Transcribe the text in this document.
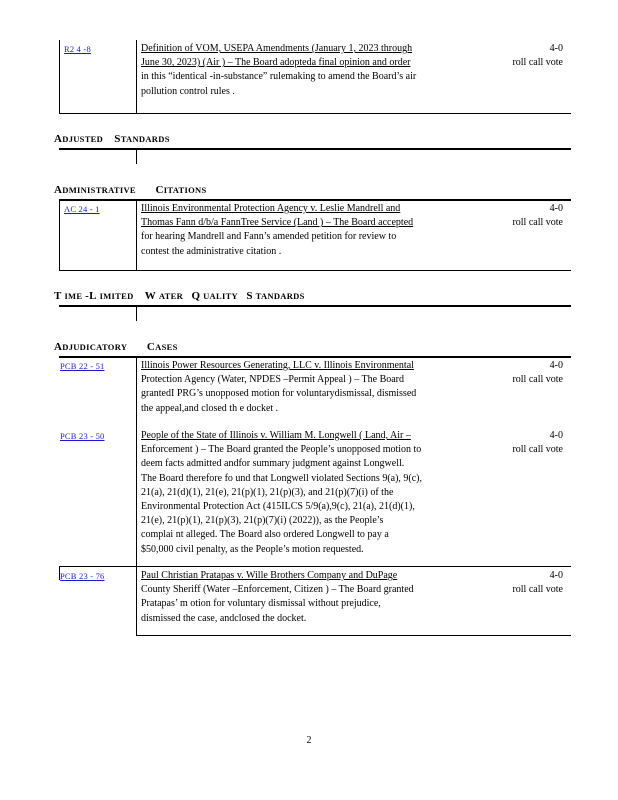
R2 4 -8	Definition of VOM, USEPA Amendments (January 1, 2023 through
June 30, 2023) (Air ) – The Board adopteda final opinion and order
in this “identical -in-substance” rulemaking to amend the Board’s air
pollution control rules .
4-0
roll call vote
ADJUSTED STANDARDS
ADMINISTRATIVE CITATIONS
AC 24 - 1	Illinois Environmental Protection Agency v. Leslie Mandrell and
Thomas Fann d/b/a FannTree Service (Land ) – The Board accepted
for hearing Mandrell and Fann’s amended petition for review to
contest the administrative citation .
4-0
roll call vote
T IME -L IMITED W ATER Q UALITY S TANDARDS
ADJUDICATORY CASES
PCB 22 - 51	Illinois Power Resources Generating, LLC v. Illinois Environmental
Protection Agency (Water, NPDES –Permit Appeal ) – The Board
grantedI PRG’s unopposed motion for voluntarydismissal, dismissed
the appeal,and closed th e docket .
4-0
roll call vote
PCB 23 - 50	People of the State of Illinois v. William M. Longwell ( Land, Air –
Enforcement ) – The Board granted the People’s unopposed motion to
deem facts admitted andfor summary judgment against Longwell.
The Board therefore fo und that Longwell violated Sections 9(a), 9(c),
21(a), 21(d)(1), 21(e), 21(p)(1), 21(p)(3), and 21(p)(7)(i) of the
Environmental Protection Act (415ILCS 5/9(a),9(c), 21(a), 21(d)(1),
21(e), 21(p)(1), 21(p)(3), 21(p)(7)(i) (2022)), as the People’s
complai nt alleged. The Board also ordered Longwell to pay a
$50,000 civil penalty, as the People’s motion requested.
4-0
roll call vote
PCB 23 - 76	Paul Christian Pratapas v. Wille Brothers Company and DuPage
County Sheriff (Water –Enforcement, Citizen ) – The Board granted
Pratapas’ m otion for voluntary dismissal without prejudice,
dismissed the case, andclosed the docket.
4-0
roll call vote
2
